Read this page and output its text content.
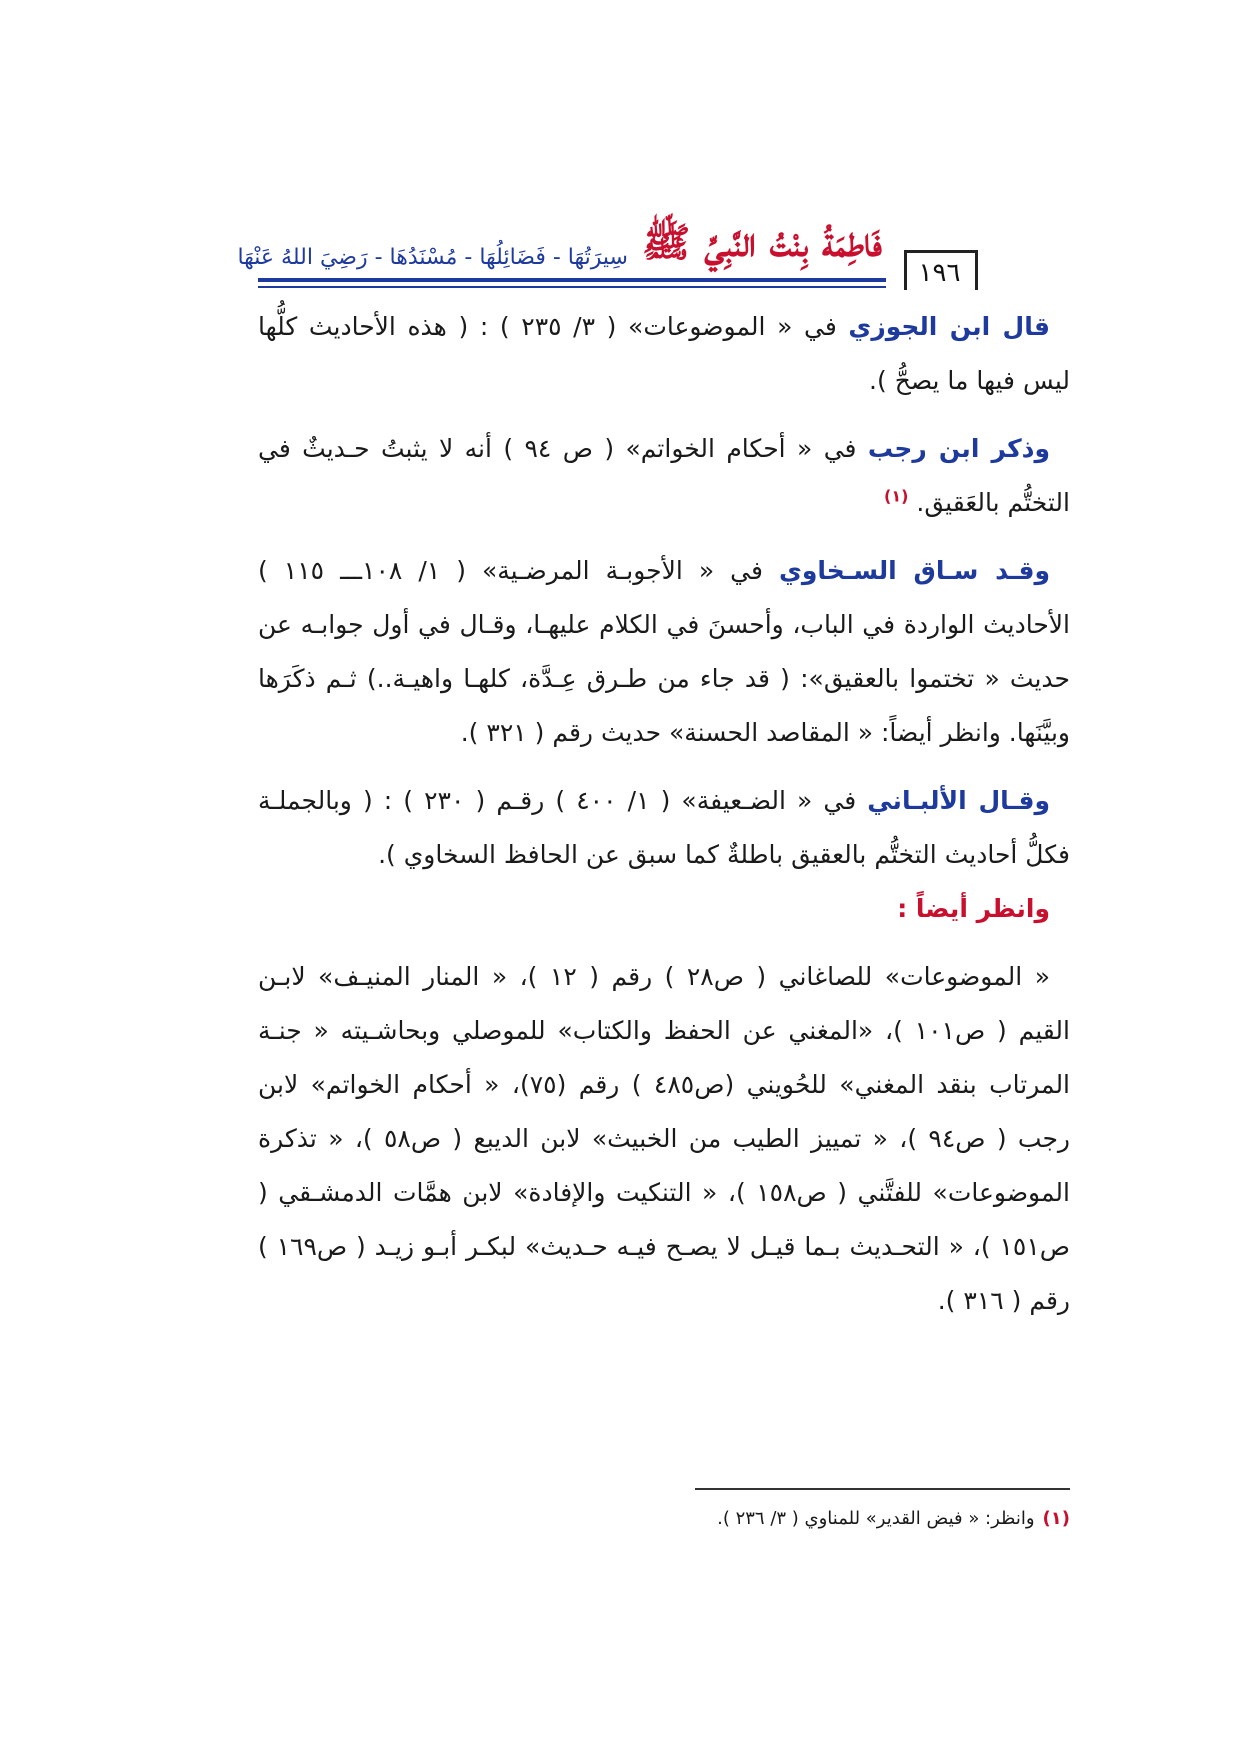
١٩٦
فَاطِمَةُ بِنْتُ النَّبِيِّ ﷺ
سِيرَتُهَا - فَضَائِلُهَا - مُسْنَدُهَا - رَضِيَ اللهُ عَنْهَا

قال ابن الجوزي في « الموضوعات» ( ٣/ ٢٣٥ ) : ( هذه الأحاديث كلُّها ليس فيها ما يصحُّ ).

وذكر ابن رجب في « أحكام الخواتم» ( ص ٩٤ ) أنه لا يثبتُ حـديثٌ في التختُّم بالعَقيق. $^{(١)}$

وقـد سـاق السـخاوي في « الأجوبـة المرضـية» ( ١/ ١٠٨ـــ ١١٥ ) الأحاديث الواردة في الباب، وأحسنَ في الكلام عليهـا، وقـال في أول جوابـه عن حديث « تختموا بالعقيق»: ( قد جاء من طـرق عِـدَّة، كلهـا واهيـة..) ثـم ذكَرَها وبيَّنَها. وانظر أيضاً: « المقاصد الحسنة» حديث رقم ( ٣٢١ ).

وقـال الألبـاني في « الضـعيفة» ( ١/ ٤٠٠ ) رقـم ( ٢٣٠ ) : ( وبالجملـة فكلُّ أحاديث التختُّم بالعقيق باطلةٌ كما سبق عن الحافظ السخاوي ).

وانظر أيضاً :

« الموضوعات» للصاغاني ( ص٢٨ ) رقم ( ١٢ )، « المنار المنيـف» لابـن القيم ( ص١٠١ )، «المغني عن الحفظ والكتاب» للموصلي وبحاشـيته « جنـة المرتاب بنقد المغني» للحُويني (ص٤٨٥ ) رقم (٧٥)، « أحكام الخواتم» لابن رجب ( ص٩٤ )، « تمييز الطيب من الخبيث» لابن الديبع ( ص٥٨ )، « تذكرة الموضوعات» للفتَّني ( ص١٥٨ )، « التنكيت والإفادة» لابن همَّات الدمشـقي ( ص١٥١ )، « التحـديث بـما قيـل لا يصـح فيـه حـديث» لبكـر أبـو زيـد ( ص١٦٩ ) رقم ( ٣١٦ ).

(١)وانظر: « فيض القدير» للمناوي ( ٣/ ٢٣٦ ).
